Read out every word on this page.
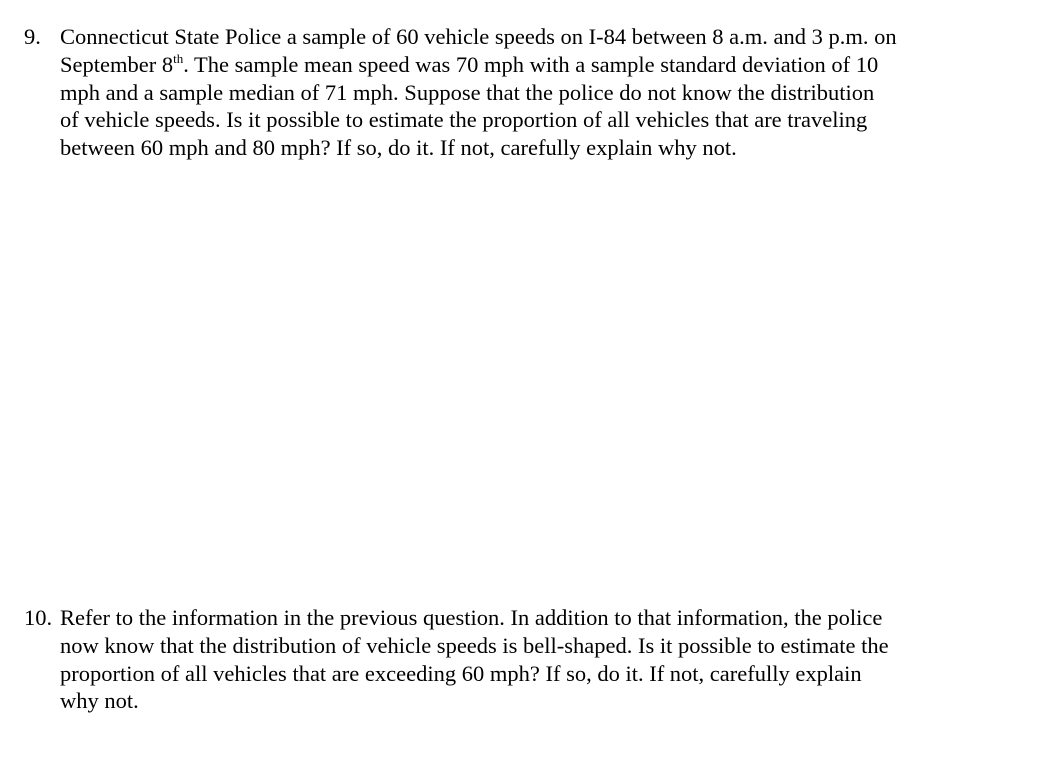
9. Connecticut State Police a sample of 60 vehicle speeds on I-84 between 8 a.m. and 3 p.m. on
September 8th. The sample mean speed was 70 mph with a sample standard deviation of 10
mph and a sample median of 71 mph. Suppose that the police do not know the distribution
of vehicle speeds. Is it possible to estimate the proportion of all vehicles that are traveling
between 60 mph and 80 mph? If so, do it. If not, carefully explain why not.
10. Refer to the information in the previous question. In addition to that information, the police
now know that the distribution of vehicle speeds is bell-shaped. Is it possible to estimate the
proportion of all vehicles that are exceeding 60 mph? If so, do it. If not, carefully explain
why not.
